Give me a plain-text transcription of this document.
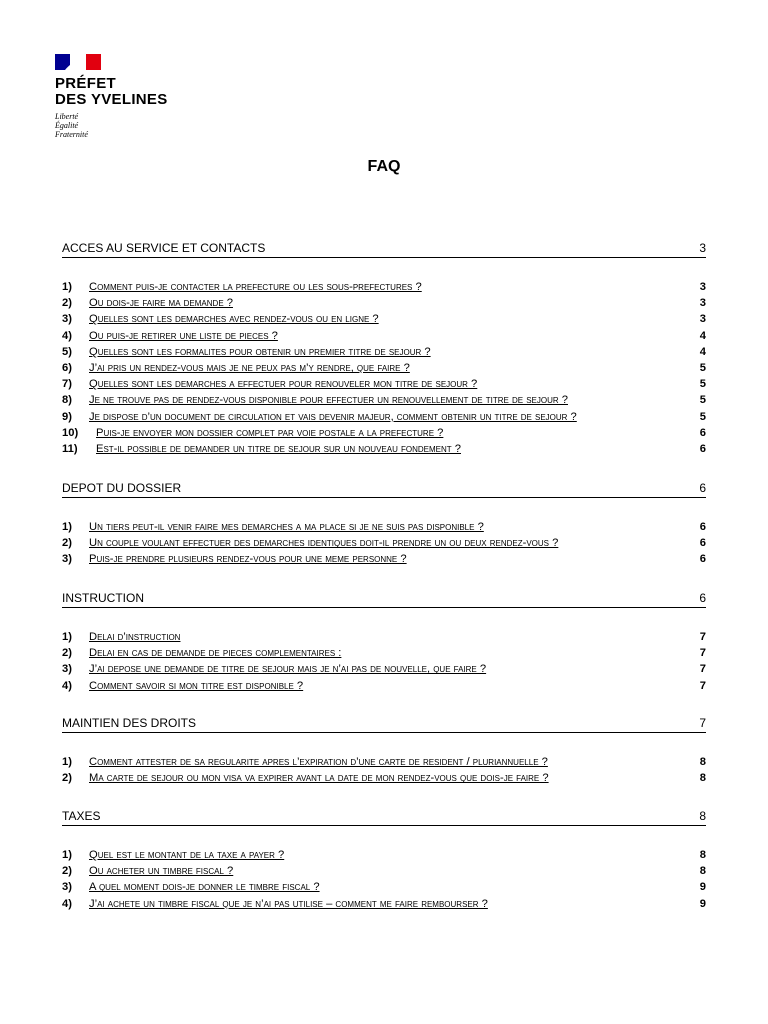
PRÉFET
DES YVELINES
Liberté
Égalité
Fraternité
FAQ
ACCES AU SERVICE ET CONTACTS	3
1) Comment puis-je contacter la prefecture ou les sous-prefectures ?	3
2) Ou dois-je faire ma demande ?	3
3) Quelles sont les demarches avec rendez-vous ou en ligne ?	3
4) Ou puis-je retirer une liste de pieces ?	4
5) Quelles sont les formalites pour obtenir un premier titre de sejour ?	4
6) J’ai pris un rendez-vous mais je ne peux pas m’y rendre, que faire ?	5
7) Quelles sont les demarches a effectuer pour renouveler mon titre de sejour ?	5
8) Je ne trouve pas de rendez-vous disponible pour effectuer un renouvellement de titre de sejour ?	5
9) Je dispose d’un document de circulation et vais devenir majeur, comment obtenir un titre de sejour ?	5
10) Puis-je envoyer mon dossier complet par voie postale a la prefecture ?	6
11) Est-il possible de demander un titre de sejour sur un nouveau fondement ?	6
DEPOT DU DOSSIER	6
1) Un tiers peut-il venir faire mes demarches a ma place si je ne suis pas disponible ?	6
2) Un couple voulant effectuer des demarches identiques doit-il prendre un ou deux rendez-vous ?	6
3) Puis-je prendre plusieurs rendez-vous pour une meme personne ?	6
INSTRUCTION	6
1) Delai d’instruction	7
2) Delai en cas de demande de pieces complementaires :	7
3) J’ai depose une demande de titre de sejour mais je n’ai pas de nouvelle, que faire ?	7
4) Comment savoir si mon titre est disponible ?	7
MAINTIEN DES DROITS	7
1) Comment attester de sa regularite apres l’expiration d’une carte de resident / pluriannuelle ?	8
2) Ma carte de sejour ou mon visa va expirer avant la date de mon rendez-vous que dois-je faire ?	8
TAXES	8
1) Quel est le montant de la taxe a payer ?	8
2) Ou acheter un timbre fiscal ?	8
3) A quel moment dois-je donner le timbre fiscal ?	9
4) J’ai achete un timbre fiscal que je n’ai pas utilise – comment me faire rembourser ?	9
